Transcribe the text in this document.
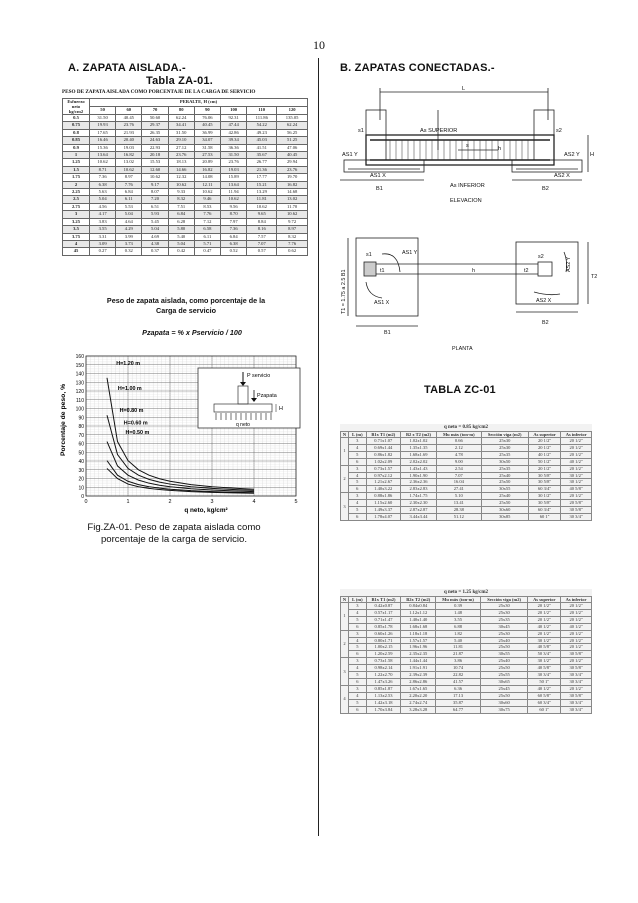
10
A. ZAPATA AISLADA.-
Tabla ZA-01.
PESO DE ZAPATA AISLADA COMO PORCENTAJE DE LA CARGA DE SERVICIO
Esfuerzo
neto
kg/cm2	PERALTE, H (cm)							
	50	60	70	80	90	100	110	120
0.5	31.50	40.45	50.60	62.24	76.06	92.31	111.86	135.05
0.75	19.93	23.76	29.37	34.41	40.45	47.44	54.22	62.24
0.8	17.65	21.93	26.35	31.50	36.99	42.86	49.23	56.25
0.85	16.46	20.40	24.63	29.10	34.07	39.34	45.03	51.25
0.9	15.36	19.03	22.93	27.12	31.58	36.36	41.51	47.06
1	13.64	16.82	20.18	23.76	27.53	31.50	35.67	40.45
1.25	10.62	13.02	15.53	18.13	20.89	23.76	26.77	29.94
1.5	8.71	10.62	12.60	14.66	16.82	19.03	21.36	23.76
1.75	7.36	8.97	10.62	12.32	14.08	15.89	17.77	19.70
2	6.38	7.76	9.17	10.62	12.11	13.64	15.21	16.82
2.25	5.63	6.84	8.07	9.33	10.62	11.94	13.29	14.68
2.5	5.04	6.11	7.20	8.32	9.46	10.62	11.81	13.02
2.75	4.56	5.53	6.51	7.51	8.53	9.56	10.62	11.70
3	4.17	5.04	5.93	6.84	7.76	8.70	9.65	10.62
3.25	3.83	4.64	5.45	6.28	7.12	7.97	8.84	9.72
3.5	3.55	4.29	5.04	5.80	6.58	7.36	8.16	8.97
3.75	3.31	3.99	4.69	5.40	6.11	6.84	7.57	8.32
4	3.09	3.73	4.38	5.04	5.71	6.38	7.07	7.76
45	0.27	0.32	0.37	0.42	0.47	0.52	0.57	0.62
Peso de zapata aislada, como porcentaje de la
Carga de servicio
Pzapata = % x Pservicio / 100
H=1.20 m
H=1.00 m
H=0.80 m
H=0.60 m
H=0.50 m
0
10
20
30
40
50
60
70
80
90
100
110
120
130
140
150
160
0	1	2	3	4	5
P servicio
Pzapata
H
q neto
Porcentaje de peso, %
q neto, kg/cm²
Fig.ZA-01. Peso de zapata aislada como
porcentaje de la carga de servicio.
B. ZAPATAS CONECTADAS.-
L
s1	s2
As SUPERIOR
As INFERIOR
s	h
H
AS1 Y
AS1 X
AS2 Y
AS2 X
B1	B2
ELEVACION
T1 = 1.75 a 2.5 B1
s1
t1	h	t2
s2
AS1 Y
AS1 X
AS2 Y
AS2 X
B1
B2
T2
PLANTA
TABLA ZC-01
q neto = 0.85 kg/cm2							
N	L (m)	B1x T1 (m2)	B2 x T2 (m2)	Mu máx (ton-m)	Sección viga (m2)	As superior	As inferior
1	3	0.71x1.07	1.02x1.02	0.66	25x30	20 1/2"	20 1/2"
	4	0.69x1.44	1.35x1.35	2.12	25x30	20 1/2"	20 1/2"
	5	0.86x1.82	1.68x1.69	4.78	25x35	40 1/2"	20 1/2"
	6	1.02x2.09	2.02x2.02	9.00	30x50	50 1/2"	40 1/2"
2	3	0.73x1.57	1.43x1.43	2.54	25x35	20 1/2"	20 1/2"
	4	0.97x2.12	1.90x1.90	7.07	25x40	30 5/8"	30 1/2"
	5	1.21x2.67	2.36x2.36	16.04	25x50	30 5/8"	30 1/2"
	6	1.40x3.22	2.83x2.83	27.41	30x55	60 3/4"	40 5/8"
3	3	0.88x1.86	1.74x1.75	5.10	25x40	30 1/2"	20 1/2"
	4	1.15x2.60	2.30x2.30	13.41	25x50	30 5/8"	20 5/8"
	5	1.49x3.37	2.87x2.87	28.38	30x60	60 3/4"	30 5/8"
	6	1.78x4.07	3.44x3.44	51.12	30x85	60 1"	30 3/4"
q neto = 1.25 kg/cm2							
N	L (m)	B1x T1 (m2)	B2x T2 (m2)	Mu máx (ton-m)	Sección viga (m2)	As superior	As inferior
1	3	0.42x0.87	0.84x0.84	0.39	25x30	20 1/2"	20 1/2"
	4	0.57x1.17	1.12x1.12	1.48	25x30	20 1/2"	20 1/2"
	5	0.71x1.47	1.40x1.40	3.55	25x35	20 1/2"	20 1/2"
	6	0.85x1.78	1.68x1.68	6.88	30x45	40 1/2"	40 1/2"
2	3	0.60x1.26	1.18x1.18	1.82	25x30	20 1/2"	20 1/2"
	4	0.80x1.71	1.57x1.57	5.40	25x40	30 1/2"	20 1/2"
	5	1.00x2.15	1.96x1.96	11.81	25x50	40 5/8"	20 1/2"
	6	1.20x2.59	2.35x2.35	21.87	30x55	50 3/4"	30 5/8"
3	3	0.73x1.58	1.44x1.44	3.86	25x40	30 1/2"	20 1/2"
	4	0.98x2.14	1.91x1.91	10.74	25x50	40 5/8"	30 5/8"
	5	1.22x2.70	2.39x2.39	22.82	25x55	30 3/4"	30 3/4"
	6	1.47x3.26	2.86x2.86	41.57	30x65	50 1"	30 3/4"
4	3	0.85x1.87	1.67x1.65	6.36	25x45	40 1/2"	20 1/2"
	4	1.13x2.53	2.20x2.20	17.13	25x50	60 5/8"	30 5/8"
	5	1.42x3.18	2.74x2.74	35.87	30x60	60 3/4"	30 3/4"
	6	1.70x3.84	3.28x3.28	64.77	30x75	60 1"	30 3/4"
